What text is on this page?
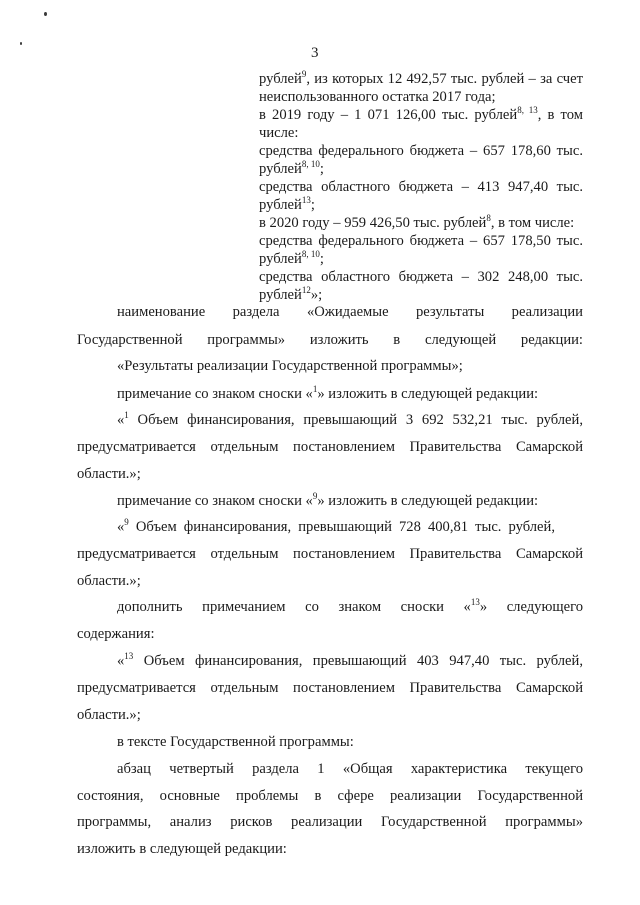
3
рублей$^9$, из которых 12 492,57 тыс. рублей – за счет
неиспользованного остатка 2017 года;
в 2019 году – 1 071 126,00 тыс. рублей$^{8, 13}$, в том
числе:
средства федерального бюджета – 657 178,60 тыс.
рублей$^{8, 10}$;
средства областного бюджета – 413 947,40 тыс.
рублей$^{13}$;
в 2020 году – 959 426,50 тыс. рублей$^8$, в том числе:
средства федерального бюджета – 657 178,50 тыс.
рублей$^{8, 10}$;
средства областного бюджета – 302 248,00 тыс.
рублей$^{12}$»;
наименование раздела «Ожидаемые результаты реализации
Государственной программы» изложить в следующей редакции:
«Результаты реализации Государственной программы»;
примечание со знаком сноски «$^1$» изложить в следующей редакции:
«$^1$ Объем финансирования, превышающий 3 692 532,21 тыс. рублей,
предусматривается отдельным постановлением Правительства Самарской
области.»;
примечание со знаком сноски «$^9$» изложить в следующей редакции:
«$^9$ Объем финансирования, превышающий 728 400,81 тыс. рублей,
предусматривается отдельным постановлением Правительства Самарской
области.»;
дополнить примечанием со знаком сноски «$^{13}$» следующего
содержания:
«$^{13}$ Объем финансирования, превышающий 403 947,40 тыс. рублей,
предусматривается отдельным постановлением Правительства Самарской
области.»;
в тексте Государственной программы:
абзац четвертый раздела 1 «Общая характеристика текущего
состояния, основные проблемы в сфере реализации Государственной
программы, анализ рисков реализации Государственной программы»
изложить в следующей редакции:
